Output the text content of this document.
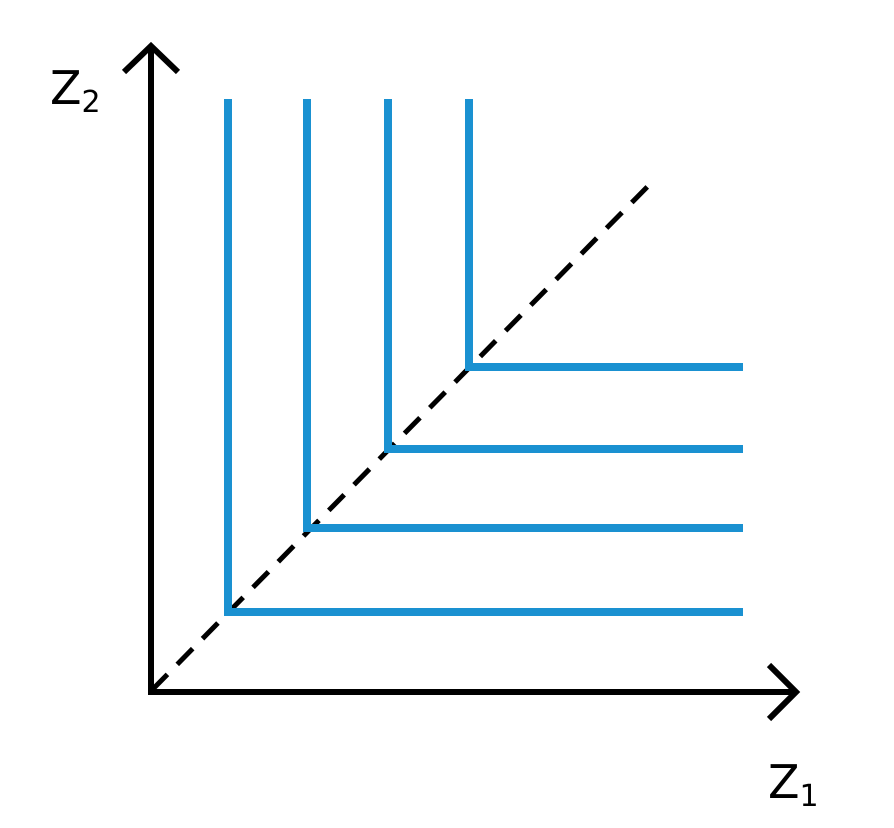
Z2
Z1
